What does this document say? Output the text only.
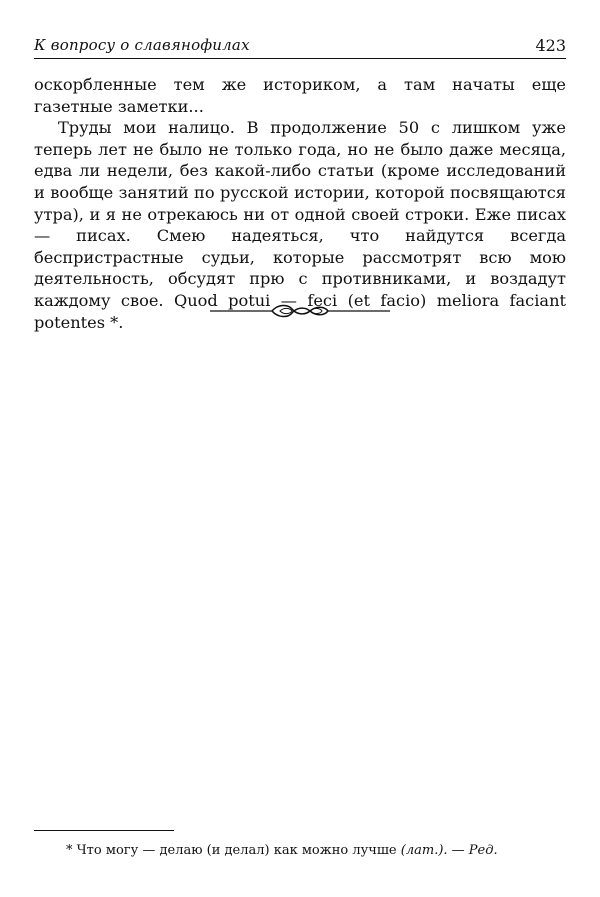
К вопросу о славянофилах	423

оскорбленные тем же историком, а там начаты еще газетные заметки...

Труды мои налицо. В продолжение 50 с лишком уже теперь лет не было не только года, но не было даже месяца, едва ли недели, без какой-либо статьи (кроме исследований и вообще занятий по русской истории, которой посвящаются утра), и я не отрекаюсь ни от одной своей строки. Еже писах — писах. Смею надеяться, что найдутся всегда беспристрастные судьи, которые рассмотрят всю мою деятельность, обсудят прю с противниками, и воздадут каждому свое. Quod potui — feci (et facio) meliora faciant potentes *.

* Что могу — делаю (и делал) как можно лучше (лат.). — Ред.
